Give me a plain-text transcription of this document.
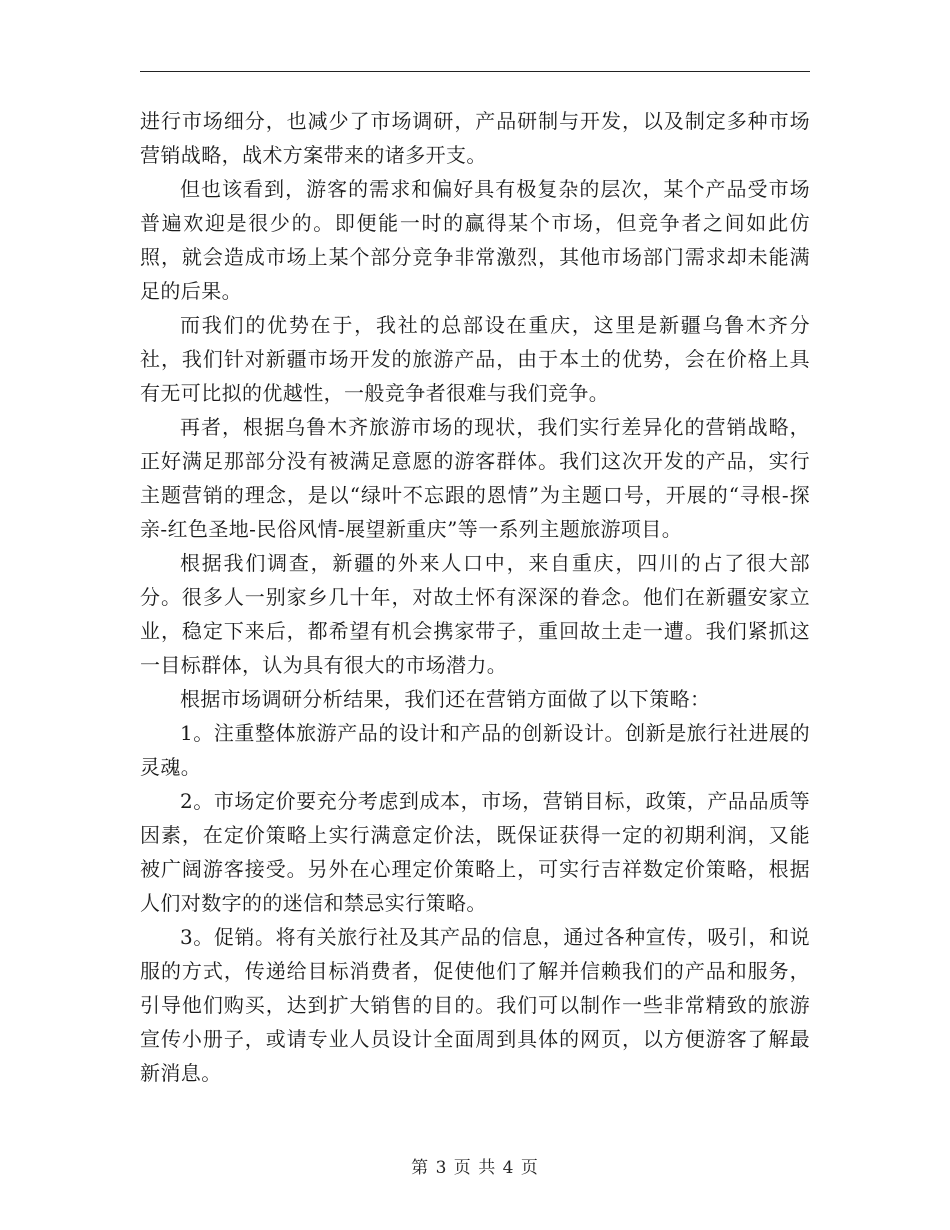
进行市场细分，也减少了市场调研，产品研制与开发，以及制定多种市场营销战略，战术方案带来的诸多开支。

但也该看到，游客的需求和偏好具有极复杂的层次，某个产品受市场普遍欢迎是很少的。即便能一时的赢得某个市场，但竞争者之间如此仿照，就会造成市场上某个部分竞争非常激烈，其他市场部门需求却未能满足的后果。

而我们的优势在于，我社的总部设在重庆，这里是新疆乌鲁木齐分社，我们针对新疆市场开发的旅游产品，由于本土的优势，会在价格上具有无可比拟的优越性，一般竞争者很难与我们竞争。

再者，根据乌鲁木齐旅游市场的现状，我们实行差异化的营销战略，正好满足那部分没有被满足意愿的游客群体。我们这次开发的产品，实行主题营销的理念，是以“绿叶不忘跟的恩情”为主题口号，开展的“寻根-探亲-红色圣地-民俗风情-展望新重庆”等一系列主题旅游项目。

根据我们调查，新疆的外来人口中，来自重庆，四川的占了很大部分。很多人一别家乡几十年，对故土怀有深深的眷念。他们在新疆安家立业，稳定下来后，都希望有机会携家带子，重回故土走一遭。我们紧抓这一目标群体，认为具有很大的市场潜力。

根据市场调研分析结果，我们还在营销方面做了以下策略：

1。注重整体旅游产品的设计和产品的创新设计。创新是旅行社进展的灵魂。

2。市场定价要充分考虑到成本，市场，营销目标，政策，产品品质等因素，在定价策略上实行满意定价法，既保证获得一定的初期利润，又能被广阔游客接受。另外在心理定价策略上，可实行吉祥数定价策略，根据人们对数字的的迷信和禁忌实行策略。

3。促销。将有关旅行社及其产品的信息，通过各种宣传，吸引，和说服的方式，传递给目标消费者，促使他们了解并信赖我们的产品和服务，引导他们购买，达到扩大销售的目的。我们可以制作一些非常精致的旅游宣传小册子，或请专业人员设计全面周到具体的网页，以方便游客了解最新消息。

第 3 页 共 4 页
